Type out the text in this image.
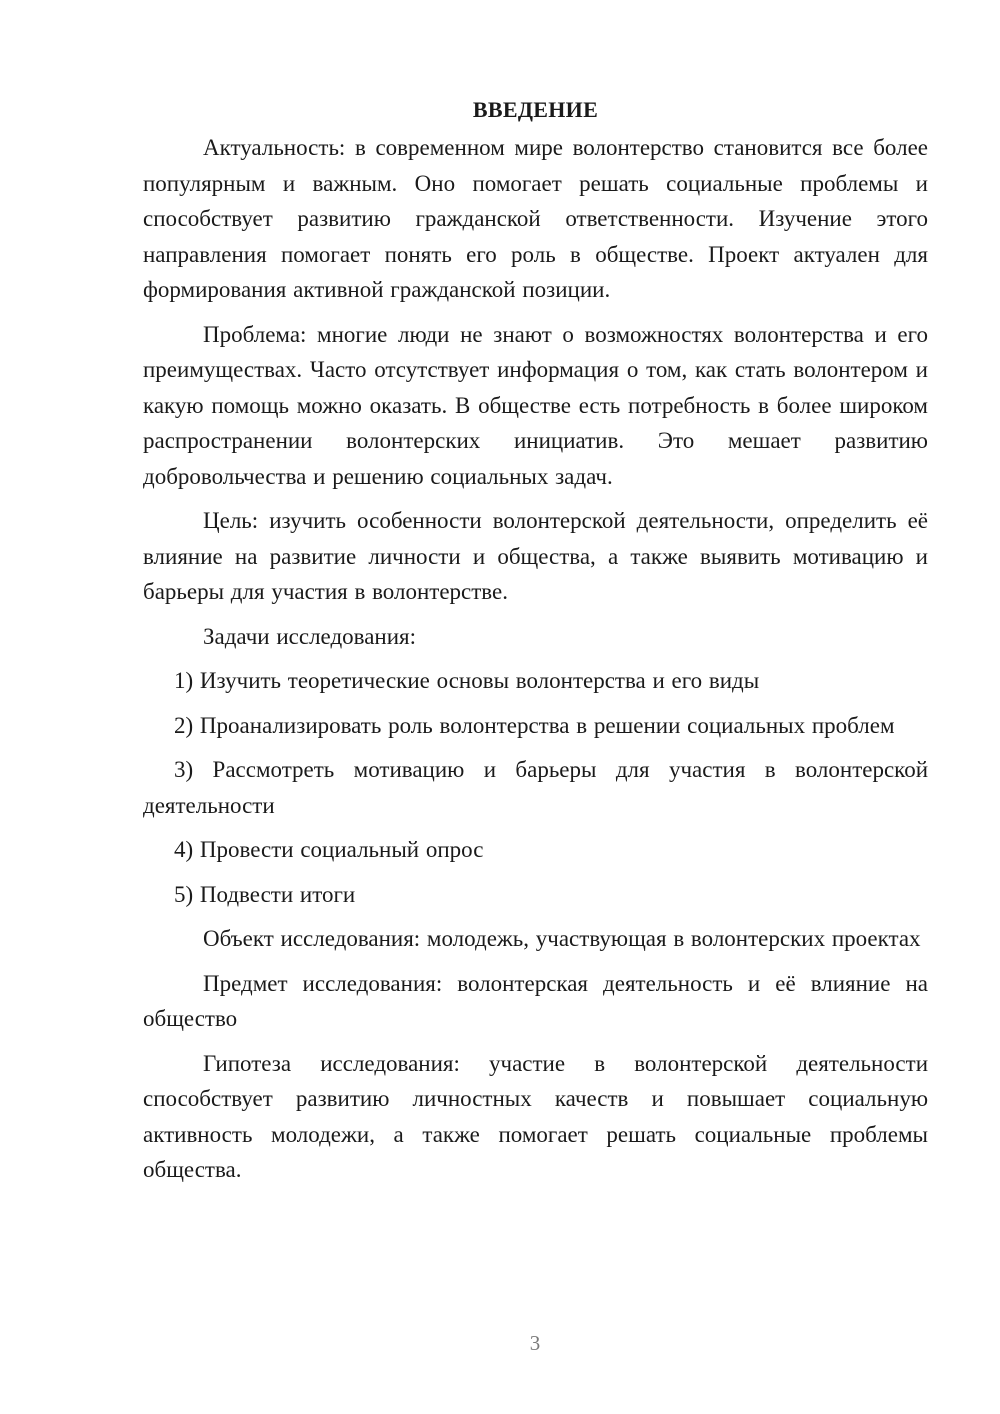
ВВЕДЕНИЕ

Актуальность: в современном мире волонтерство становится все более популярным и важным. Оно помогает решать социальные проблемы и способствует развитию гражданской ответственности. Изучение этого направления помогает понять его роль в обществе. Проект актуален для формирования активной гражданской позиции.

Проблема: многие люди не знают о возможностях волонтерства и его преимуществах. Часто отсутствует информация о том, как стать волонтером и какую помощь можно оказать. В обществе есть потребность в более широком распространении волонтерских инициатив. Это мешает развитию добровольчества и решению социальных задач.

Цель: изучить особенности волонтерской деятельности, определить её влияние на развитие личности и общества, а также выявить мотивацию и барьеры для участия в волонтерстве.

Задачи исследования:

1) Изучить теоретические основы волонтерства и его виды

2) Проанализировать роль волонтерства в решении социальных проблем

3) Рассмотреть мотивацию и барьеры для участия в волонтерской деятельности

4) Провести социальный опрос

5) Подвести итоги

Объект исследования: молодежь, участвующая в волонтерских проектах

Предмет исследования: волонтерская деятельность и её влияние на общество

Гипотеза исследования: участие в волонтерской деятельности способствует развитию личностных качеств и повышает социальную активность молодежи, а также помогает решать социальные проблемы общества.

3
